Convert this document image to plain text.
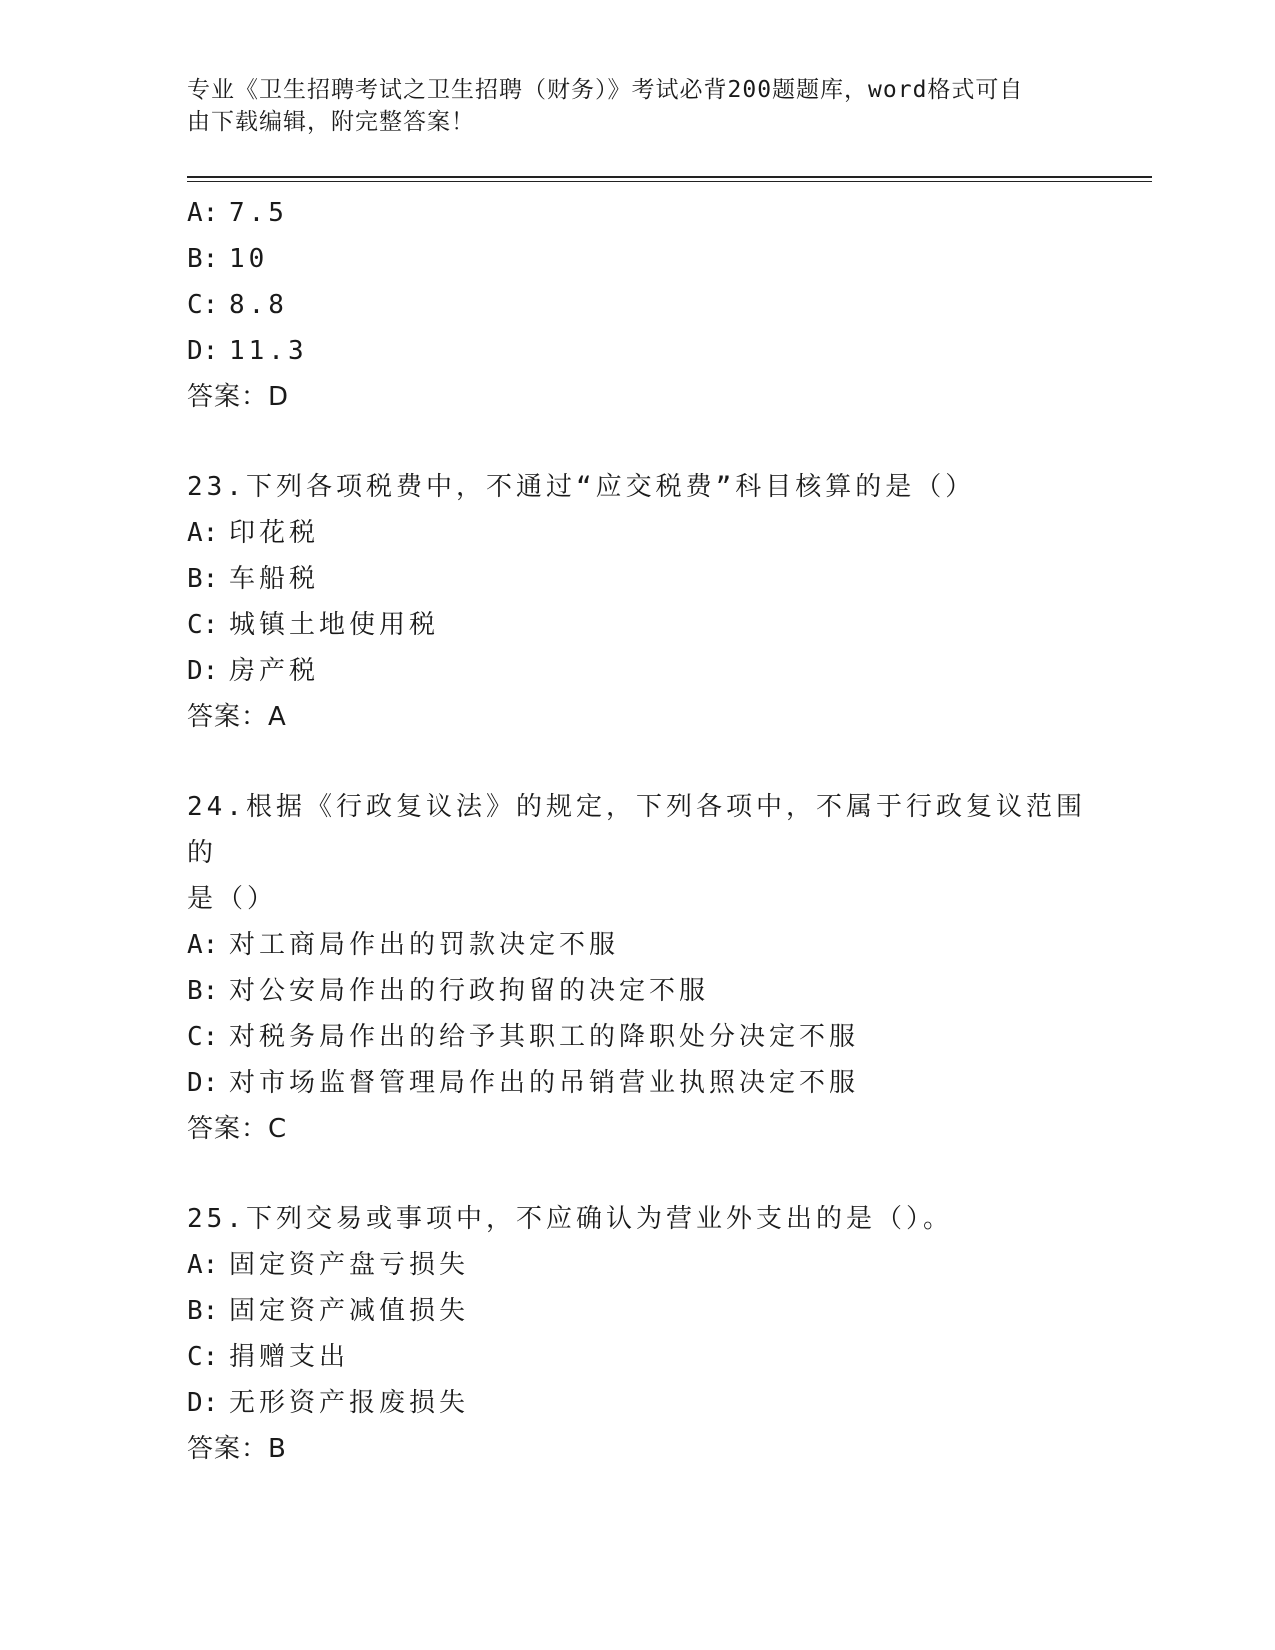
专业《卫生招聘考试之卫生招聘（财务）》考试必背200题题库，word格式可自
由下载编辑，附完整答案！
A: 7.5
B: 10
C: 8.8
D: 11.3
答案：D
23.下列各项税费中，不通过“应交税费”科目核算的是（）
A: 印花税
B: 车船税
C: 城镇土地使用税
D: 房产税
答案：A
24.根据《行政复议法》的规定，下列各项中，不属于行政复议范围的
是（）
A: 对工商局作出的罚款决定不服
B: 对公安局作出的行政拘留的决定不服
C: 对税务局作出的给予其职工的降职处分决定不服
D: 对市场监督管理局作出的吊销营业执照决定不服
答案：C
25.下列交易或事项中，不应确认为营业外支出的是（）。
A: 固定资产盘亏损失
B: 固定资产减值损失
C: 捐赠支出
D: 无形资产报废损失
答案：B
